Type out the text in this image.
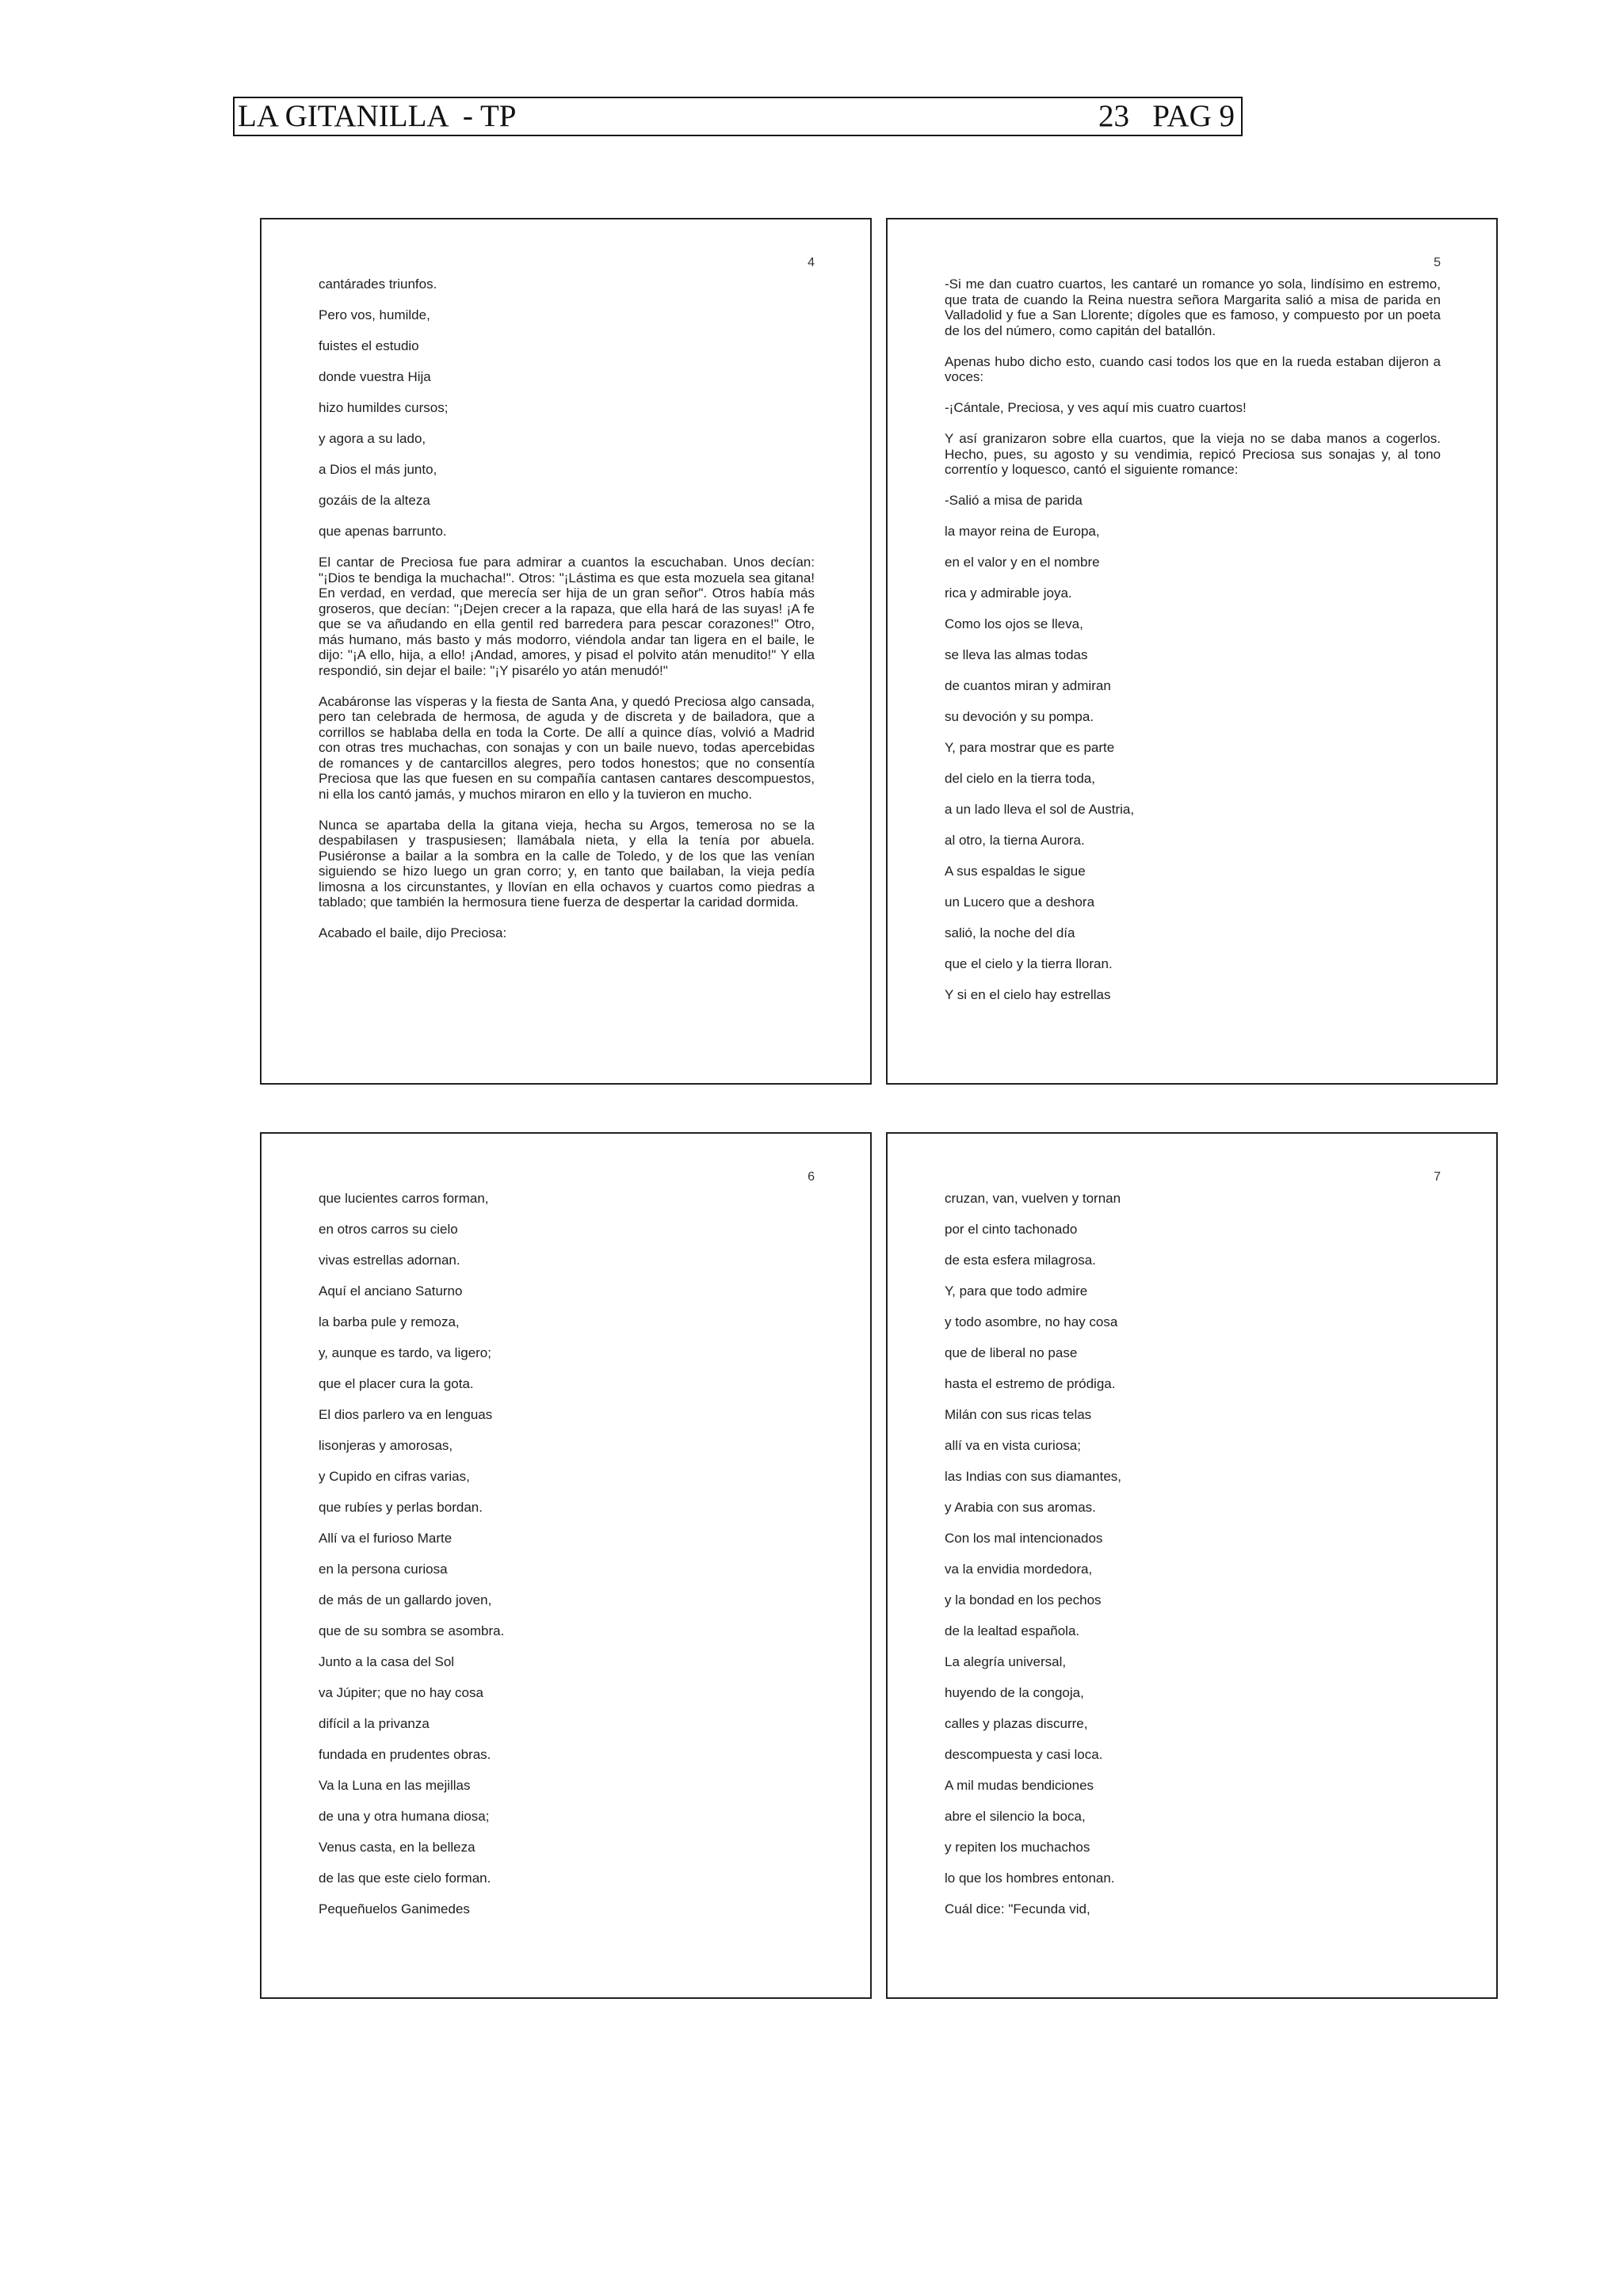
LA GITANILLA  - TP	23   PAG 9
4

cantárades triunfos.

Pero vos, humilde,

fuistes el estudio

donde vuestra Hija

hizo humildes cursos;

y agora a su lado,

a Dios el más junto,

gozáis de la alteza

que apenas barrunto.

El cantar de Preciosa fue para admirar a cuantos la escuchaban. Unos decían: "¡Dios te bendiga la muchacha!". Otros: "¡Lástima es que esta mozuela sea gitana! En verdad, en verdad, que merecía ser hija de un gran señor". Otros había más groseros, que decían: "¡Dejen crecer a la rapaza, que ella hará de las suyas! ¡A fe que se va añudando en ella gentil red barredera para pescar corazones!" Otro, más humano, más basto y más modorro, viéndola andar tan ligera en el baile, le dijo: "¡A ello, hija, a ello! ¡Andad, amores, y pisad el polvito atán menudito!" Y ella respondió, sin dejar el baile: "¡Y pisarélo yo atán menudó!"

Acabáronse las vísperas y la fiesta de Santa Ana, y quedó Preciosa algo cansada, pero tan celebrada de hermosa, de aguda y de discreta y de bailadora, que a corrillos se hablaba della en toda la Corte. De allí a quince días, volvió a Madrid con otras tres muchachas, con sonajas y con un baile nuevo, todas apercebidas de romances y de cantarcillos alegres, pero todos honestos; que no consentía Preciosa que las que fuesen en su compañía cantasen cantares descompuestos, ni ella los cantó jamás, y muchos miraron en ello y la tuvieron en mucho.

Nunca se apartaba della la gitana vieja, hecha su Argos, temerosa no se la despabilasen y traspusiesen; llamábala nieta, y ella la tenía por abuela. Pusiéronse a bailar a la sombra en la calle de Toledo, y de los que las venían siguiendo se hizo luego un gran corro; y, en tanto que bailaban, la vieja pedía limosna a los circunstantes, y llovían en ella ochavos y cuartos como piedras a tablado; que también la hermosura tiene fuerza de despertar la caridad dormida.

Acabado el baile, dijo Preciosa:

5

-Si me dan cuatro cuartos, les cantaré un romance yo sola, lindísimo en estremo, que trata de cuando la Reina nuestra señora Margarita salió a misa de parida en Valladolid y fue a San Llorente; dígoles que es famoso, y compuesto por un poeta de los del número, como capitán del batallón.

Apenas hubo dicho esto, cuando casi todos los que en la rueda estaban dijeron a voces:

-¡Cántale, Preciosa, y ves aquí mis cuatro cuartos!

Y así granizaron sobre ella cuartos, que la vieja no se daba manos a cogerlos. Hecho, pues, su agosto y su vendimia, repicó Preciosa sus sonajas y, al tono correntío y loquesco, cantó el siguiente romance:

-Salió a misa de parida

la mayor reina de Europa,

en el valor y en el nombre

rica y admirable joya.

Como los ojos se lleva,

se lleva las almas todas

de cuantos miran y admiran

su devoción y su pompa.

Y, para mostrar que es parte

del cielo en la tierra toda,

a un lado lleva el sol de Austria,

al otro, la tierna Aurora.

A sus espaldas le sigue

un Lucero que a deshora

salió, la noche del día

que el cielo y la tierra lloran.

Y si en el cielo hay estrellas

6

que lucientes carros forman,

en otros carros su cielo

vivas estrellas adornan.

Aquí el anciano Saturno

la barba pule y remoza,

y, aunque es tardo, va ligero;

que el placer cura la gota.

El dios parlero va en lenguas

lisonjeras y amorosas,

y Cupido en cifras varias,

que rubíes y perlas bordan.

Allí va el furioso Marte

en la persona curiosa

de más de un gallardo joven,

que de su sombra se asombra.

Junto a la casa del Sol

va Júpiter; que no hay cosa

difícil a la privanza

fundada en prudentes obras.

Va la Luna en las mejillas

de una y otra humana diosa;

Venus casta, en la belleza

de las que este cielo forman.

Pequeñuelos Ganimedes

7

cruzan, van, vuelven y tornan

por el cinto tachonado

de esta esfera milagrosa.

Y, para que todo admire

y todo asombre, no hay cosa

que de liberal no pase

hasta el estremo de pródiga.

Milán con sus ricas telas

allí va en vista curiosa;

las Indias con sus diamantes,

y Arabia con sus aromas.

Con los mal intencionados

va la envidia mordedora,

y la bondad en los pechos

de la lealtad española.

La alegría universal,

huyendo de la congoja,

calles y plazas discurre,

descompuesta y casi loca.

A mil mudas bendiciones

abre el silencio la boca,

y repiten los muchachos

lo que los hombres entonan.

Cuál dice: "Fecunda vid,
